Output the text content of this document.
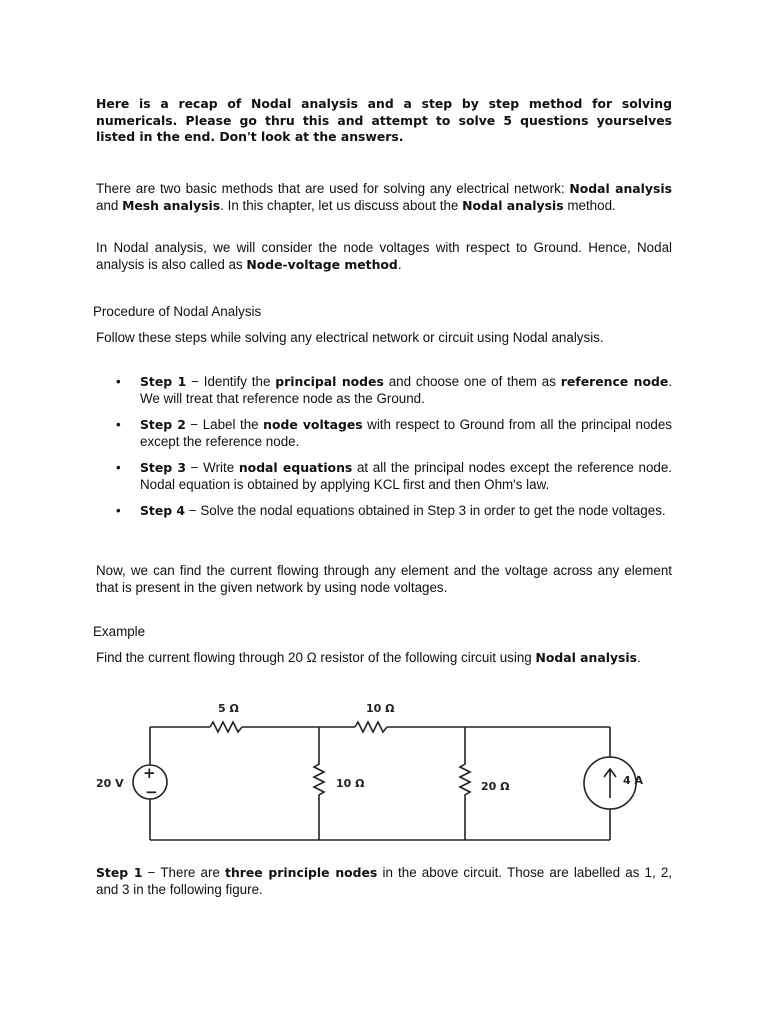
Here is a recap of Nodal analysis and a step by step method for solving numericals. Please go thru this and attempt to solve 5 questions yourselves listed in the end. Don't look at the answers.
There are two basic methods that are used for solving any electrical network: Nodal analysis and Mesh analysis. In this chapter, let us discuss about the Nodal analysis method.
In Nodal analysis, we will consider the node voltages with respect to Ground. Hence, Nodal analysis is also called as Node-voltage method.
Procedure of Nodal Analysis
Follow these steps while solving any electrical network or circuit using Nodal analysis.
• Step 1 − Identify the principal nodes and choose one of them as reference node. We will treat that reference node as the Ground.
• Step 2 − Label the node voltages with respect to Ground from all the principal nodes except the reference node.
• Step 3 − Write nodal equations at all the principal nodes except the reference node. Nodal equation is obtained by applying KCL first and then Ohm's law.
• Step 4 − Solve the nodal equations obtained in Step 3 in order to get the node voltages.
Now, we can find the current flowing through any element and the voltage across any element that is present in the given network by using node voltages.
Example
Find the current flowing through 20 Ω resistor of the following circuit using Nodal analysis.
+
−
20 V
5 Ω	10 Ω
10 Ω	20 Ω	4 A
Step 1 − There are three principle nodes in the above circuit. Those are labelled as 1, 2, and 3 in the following figure.
